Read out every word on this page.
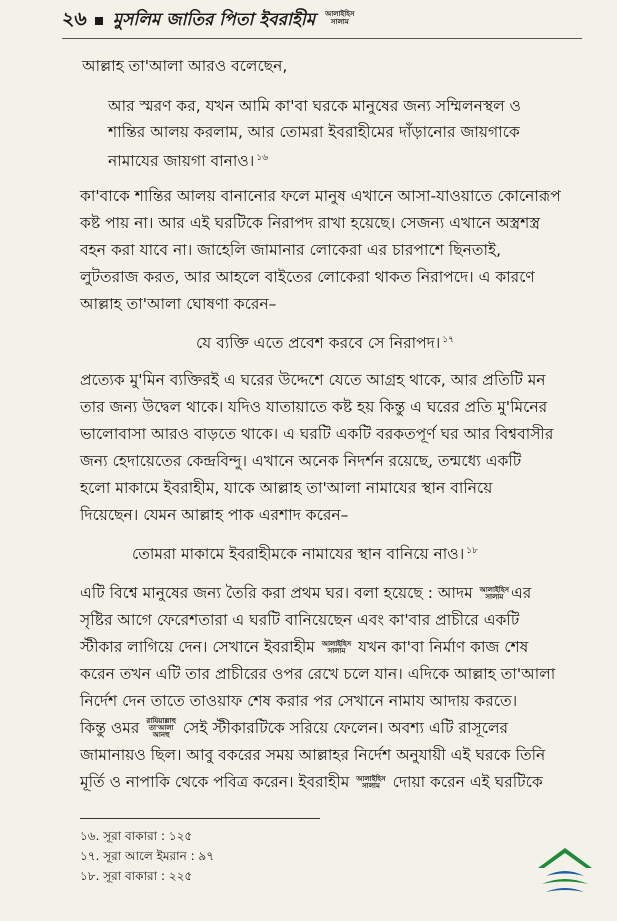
২৬ মুসলিম জাতির পিতা ইবরাহীম আলাইহিস
সালাম
আল্লাহ তা'আলা আরও বলেছেন,
আর স্মরণ কর, যখন আমি কা'বা ঘরকে মানুষের জন্য সম্মিলনস্থল ও
শান্তির আলয় করলাম, আর তোমরা ইবরাহীমের দাঁড়ানোর জায়গাকে
নামাযের জায়গা বানাও। $^{১৬}$
কা'বাকে শান্তির আলয় বানানোর ফলে মানুষ এখানে আসা-যাওয়াতে কোনোরূপ
কষ্ট পায় না। আর এই ঘরটিকে নিরাপদ রাখা হয়েছে। সেজন্য এখানে অস্ত্রশস্ত্র
বহন করা যাবে না। জাহেলি জামানার লোকেরা এর চারপাশে ছিনতাই,
লুটতরাজ করত, আর আহলে বাইতের লোকেরা থাকত নিরাপদে। এ কারণে
আল্লাহ তা'আলা ঘোষণা করেন–
যে ব্যক্তি এতে প্রবেশ করবে সে নিরাপদ। $^{১৭}$
প্রত্যেক মু'মিন ব্যক্তিরই এ ঘরের উদ্দেশে যেতে আগ্রহ থাকে, আর প্রতিটি মন
তার জন্য উদ্বেল থাকে। যদিও যাতায়াতে কষ্ট হয় কিন্তু এ ঘরের প্রতি মু'মিনের
ভালোবাসা আরও বাড়তে থাকে। এ ঘরটি একটি বরকতপূর্ণ ঘর আর বিশ্ববাসীর
জন্য হেদায়েতের কেন্দ্রবিন্দু। এখানে অনেক নিদর্শন রয়েছে, তন্মধ্যে একটি
হলো মাকামে ইবরাহীম, যাকে আল্লাহ তা'আলা নামাযের স্থান বানিয়ে
দিয়েছেন। যেমন আল্লাহ পাক এরশাদ করেন–
তোমরা মাকামে ইবরাহীমকে নামাযের স্থান বানিয়ে নাও। $^{১৮}$
এটি বিশ্বে মানুষের জন্য তৈরি করা প্রথম ঘর। বলা হয়েছে : আদম আলাইহিস
সালাম এর
সৃষ্টির আগে ফেরেশতারা এ ঘরটি বানিয়েছেন এবং কা'বার প্রাচীরে একটি
স্টীকার লাগিয়ে দেন। সেখানে ইবরাহীম আলাইহিস
সালাম যখন কা'বা নির্মাণ কাজ শেষ
করেন তখন এটি তার প্রাচীরের ওপর রেখে চলে যান। এদিকে আল্লাহ তা'আলা
নির্দেশ দেন তাতে তাওয়াফ শেষ করার পর সেখানে নামায আদায় করতে।
কিন্তু ওমর রাযিয়াল্লাহু
তা'আলা
আনহু সেই স্টীকারটিকে সরিয়ে ফেলেন। অবশ্য এটি রাসূলের
জামানায়ও ছিল। আবু বকরের সময় আল্লাহর নির্দেশ অনুযায়ী এই ঘরকে তিনি
মূর্তি ও নাপাকি থেকে পবিত্র করেন। ইবরাহীম আলাইহিস
সালাম দোয়া করেন এই ঘরটিকে
১৬. সূরা বাকারা : ১২৫
১৭. সূরা আলে ইমরান : ৯৭
১৮. সূরা বাকারা : ২২৫
